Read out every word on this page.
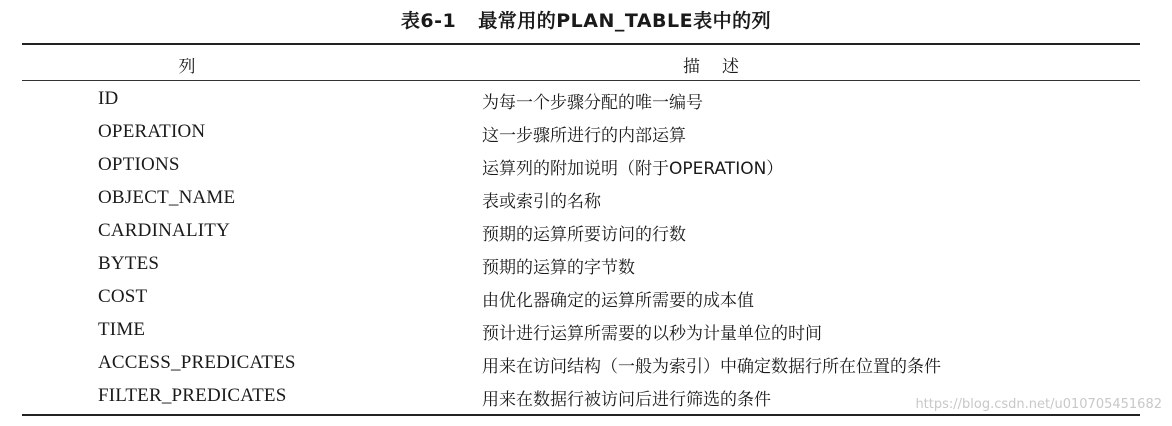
表6-1 最常用的PLAN_TABLE表中的列
列	描述
ID	为每一个步骤分配的唯一编号
OPERATION	这一步骤所进行的内部运算
OPTIONS	运算列的附加说明（附于OPERATION）
OBJECT_NAME	表或索引的名称
CARDINALITY	预期的运算所要访问的行数
BYTES	预期的运算的字节数
COST	由优化器确定的运算所需要的成本值
TIME	预计进行运算所需要的以秒为计量单位的时间
ACCESS_PREDICATES	用来在访问结构（一般为索引）中确定数据行所在位置的条件
FILTER_PREDICATES	用来在数据行被访问后进行筛选的条件	https://blog.csdn.net/u010705451682
